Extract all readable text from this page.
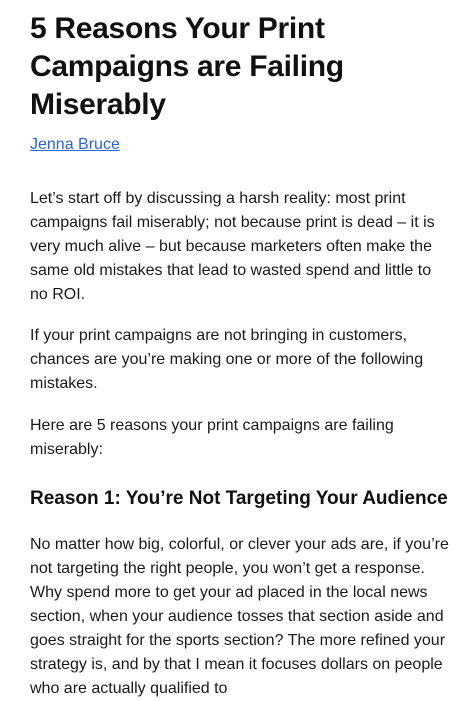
5 Reasons Your Print Campaigns are Failing Miserably
Jenna Bruce

Let’s start off by discussing a harsh reality: most print campaigns fail miserably; not because print is dead – it is very much alive – but because marketers often make the same old mistakes that lead to wasted spend and little to no ROI.

If your print campaigns are not bringing in customers, chances are you’re making one or more of the following mistakes.

Here are 5 reasons your print campaigns are failing miserably:

Reason 1: You’re Not Targeting Your Audience

No matter how big, colorful, or clever your ads are, if you’re not targeting the right people, you won’t get a response. Why spend more to get your ad placed in the local news section, when your audience tosses that section aside and goes straight for the sports section? The more refined your strategy is, and by that I mean it focuses dollars on people who are actually qualified to
